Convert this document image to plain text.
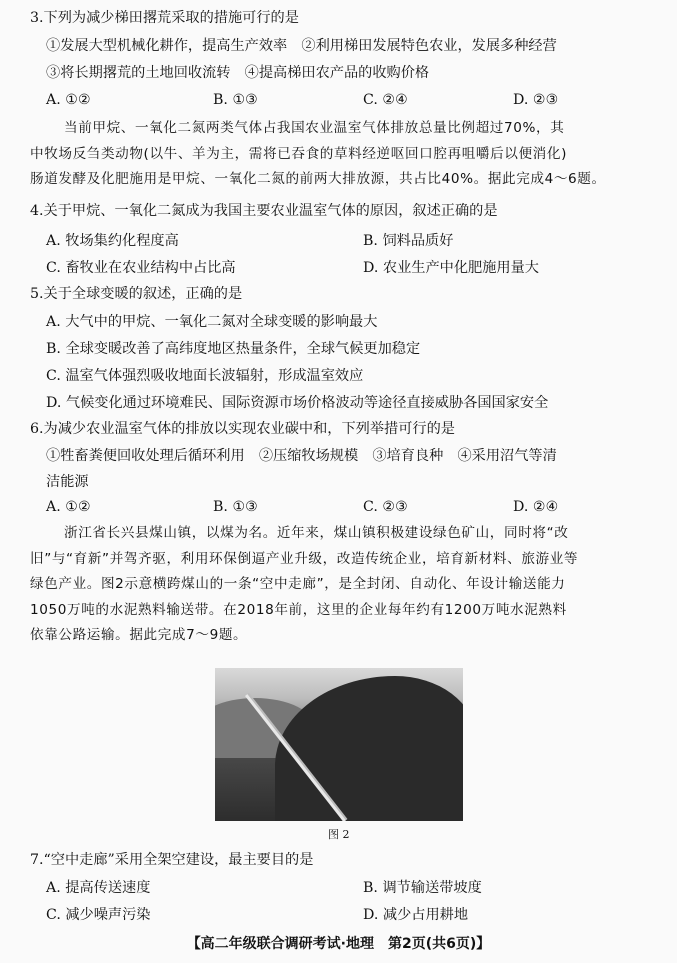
3.下列为减少梯田撂荒采取的措施可行的是
①发展大型机械化耕作，提高生产效率　②利用梯田发展特色农业，发展多种经营
③将长期撂荒的土地回收流转　④提高梯田农产品的收购价格
A. ①②	B. ①③	C. ②④	D. ②③

当前甲烷、一氧化二氮两类气体占我国农业温室气体排放总量比例超过70%，其

中牧场反刍类动物(以牛、羊为主，需将已吞食的草料经逆呕回口腔再咀嚼后以便消化)

肠道发酵及化肥施用是甲烷、一氧化二氮的前两大排放源，共占比40%。据此完成4～6题。

4.关于甲烷、一氧化二氮成为我国主要农业温室气体的原因，叙述正确的是
A. 牧场集约化程度高	B. 饲料品质好
C. 畜牧业在农业结构中占比高	D. 农业生产中化肥施用量大
5.关于全球变暖的叙述，正确的是
A. 大气中的甲烷、一氧化二氮对全球变暖的影响最大
B. 全球变暖改善了高纬度地区热量条件，全球气候更加稳定
C. 温室气体强烈吸收地面长波辐射，形成温室效应
D. 气候变化通过环境难民、国际资源市场价格波动等途径直接威胁各国国家安全
6.为减少农业温室气体的排放以实现农业碳中和，下列举措可行的是
①牲畜粪便回收处理后循环利用　②压缩牧场规模　③培育良种　④采用沼气等清
洁能源
A. ①②	B. ①③	C. ②③	D. ②④

浙江省长兴县煤山镇，以煤为名。近年来，煤山镇积极建设绿色矿山，同时将“改

旧”与“育新”并驾齐驱，利用环保倒逼产业升级，改造传统企业，培育新材料、旅游业等

绿色产业。图2示意横跨煤山的一条“空中走廊”，是全封闭、自动化、年设计输送能力

1050万吨的水泥熟料输送带。在2018年前，这里的企业每年约有1200万吨水泥熟料

依靠公路运输。据此完成7～9题。

图 2
7.“空中走廊”采用全架空建设，最主要目的是
A. 提高传送速度	B. 调节输送带坡度
C. 减少噪声污染	D. 减少占用耕地
【高二年级联合调研考试·地理　第2页(共6页)】
